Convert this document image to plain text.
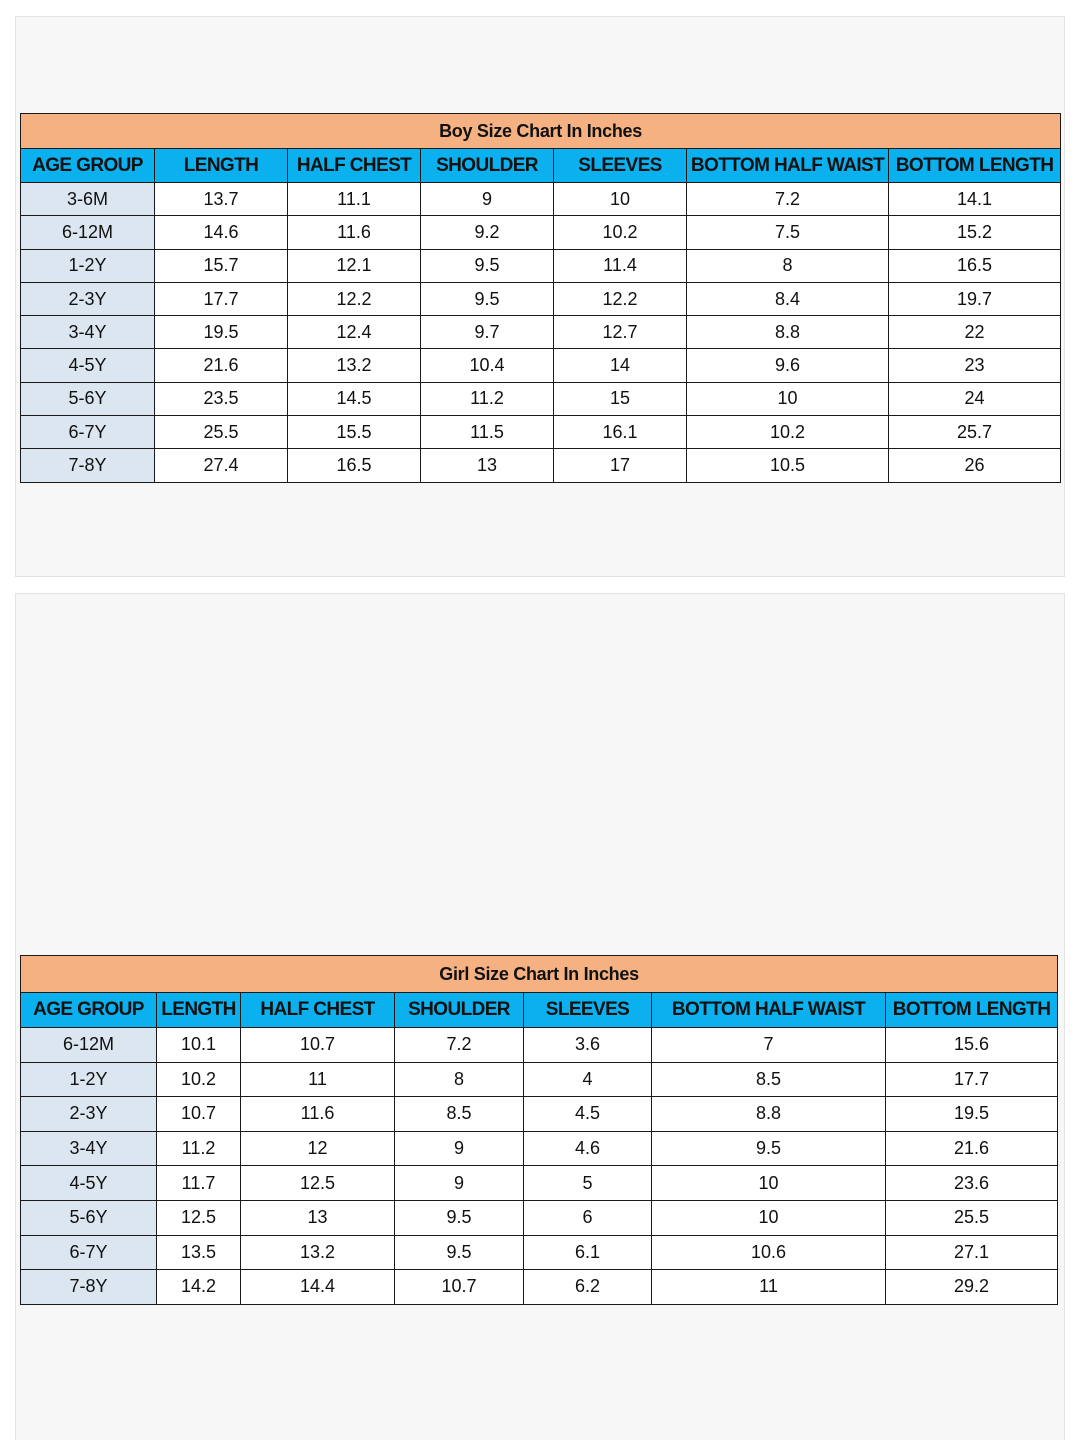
Boy Size Chart In Inches						
AGE GROUP	LENGTH	HALF CHEST	SHOULDER	SLEEVES	BOTTOM HALF WAIST	BOTTOM LENGTH
3-6M	13.7	11.1	9	10	7.2	14.1
6-12M	14.6	11.6	9.2	10.2	7.5	15.2
1-2Y	15.7	12.1	9.5	11.4	8	16.5
2-3Y	17.7	12.2	9.5	12.2	8.4	19.7
3-4Y	19.5	12.4	9.7	12.7	8.8	22
4-5Y	21.6	13.2	10.4	14	9.6	23
5-6Y	23.5	14.5	11.2	15	10	24
6-7Y	25.5	15.5	11.5	16.1	10.2	25.7
7-8Y	27.4	16.5	13	17	10.5	26
Girl Size Chart In Inches						
AGE GROUP	LENGTH	HALF CHEST	SHOULDER	SLEEVES	BOTTOM HALF WAIST	BOTTOM LENGTH
6-12M	10.1	10.7	7.2	3.6	7	15.6
1-2Y	10.2	11	8	4	8.5	17.7
2-3Y	10.7	11.6	8.5	4.5	8.8	19.5
3-4Y	11.2	12	9	4.6	9.5	21.6
4-5Y	11.7	12.5	9	5	10	23.6
5-6Y	12.5	13	9.5	6	10	25.5
6-7Y	13.5	13.2	9.5	6.1	10.6	27.1
7-8Y	14.2	14.4	10.7	6.2	11	29.2
